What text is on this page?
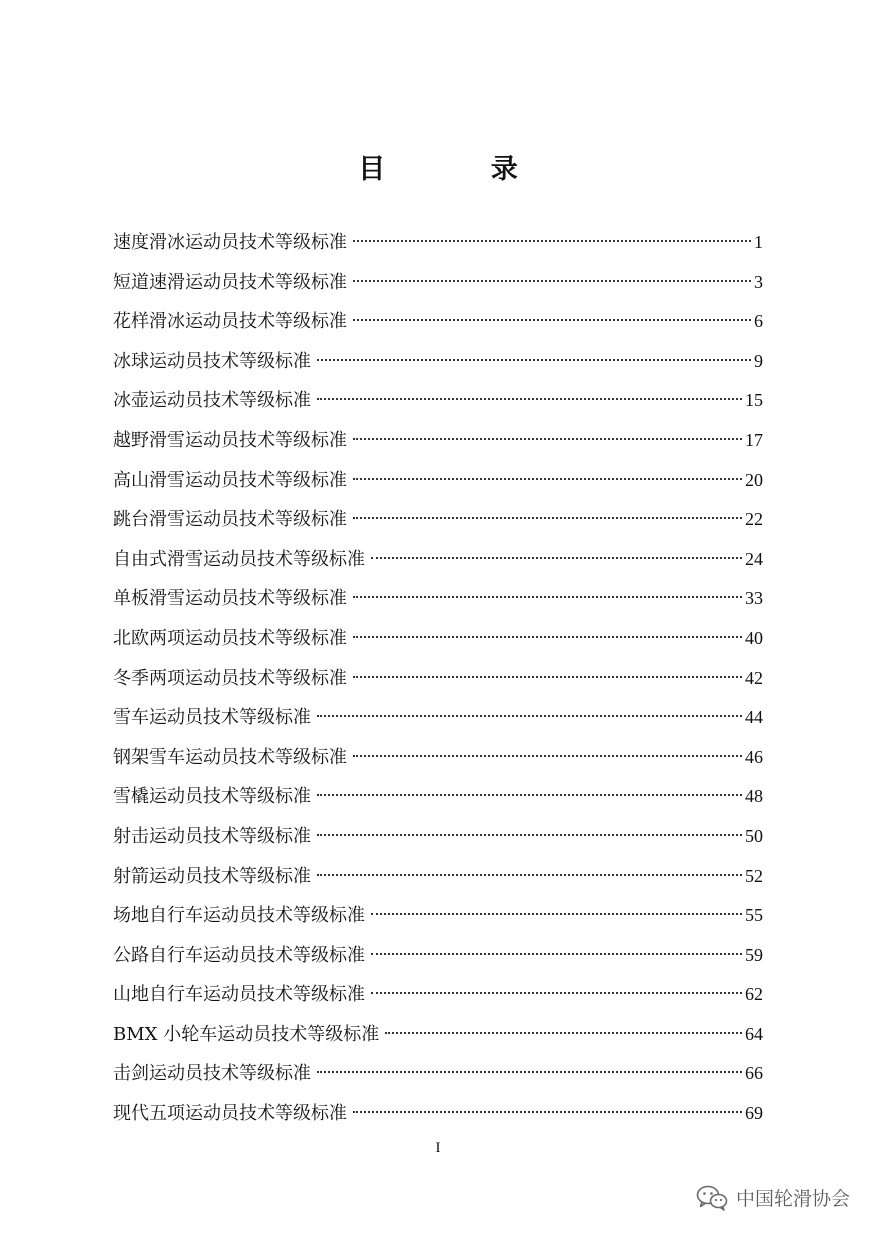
目 录
速度滑冰运动员技术等级标准	1
短道速滑运动员技术等级标准	3
花样滑冰运动员技术等级标准	6
冰球运动员技术等级标准	9
冰壶运动员技术等级标准	15
越野滑雪运动员技术等级标准	17
高山滑雪运动员技术等级标准	20
跳台滑雪运动员技术等级标准	22
自由式滑雪运动员技术等级标准	24
单板滑雪运动员技术等级标准	33
北欧两项运动员技术等级标准	40
冬季两项运动员技术等级标准	42
雪车运动员技术等级标准	44
钢架雪车运动员技术等级标准	46
雪橇运动员技术等级标准	48
射击运动员技术等级标准	50
射箭运动员技术等级标准	52
场地自行车运动员技术等级标准	55
公路自行车运动员技术等级标准	59
山地自行车运动员技术等级标准	62
BMX 小轮车运动员技术等级标准	64
击剑运动员技术等级标准	66
现代五项运动员技术等级标准	69
I
中国轮滑协会
